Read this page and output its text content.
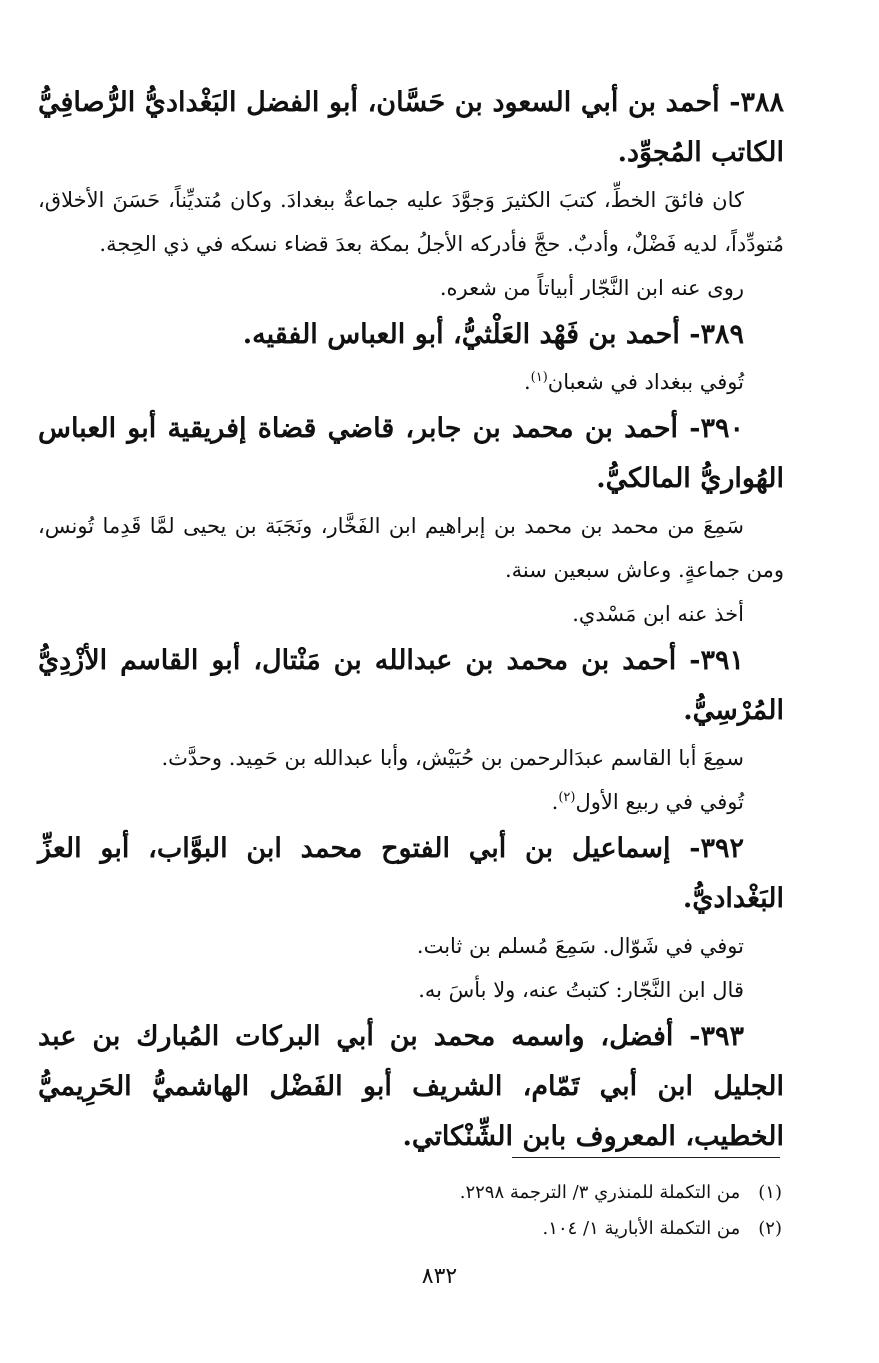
٣٨٨- أحمد بن أبي السعود بن حَسَّان، أبو الفضل البَغْداديُّ الرُّصافِيُّ الكاتب المُجوِّد.

كان فائقَ الخطِّ، كتبَ الكثيرَ وَجوَّدَ عليه جماعةٌ ببغدادَ. وكان مُتديِّناً، حَسَنَ الأخلاق، مُتودِّداً، لديه فَضْلٌ، وأدبٌ. حجَّ فأدركه الأجلُ بمكة بعدَ قضاء نسكه في ذي الحِجة.

روى عنه ابن النَّجّار أبياتاً من شعره.

٣٨٩- أحمد بن فَهْد العَلْثيُّ، أبو العباس الفقيه.

تُوفي ببغداد في شعبان$^{(١)}$.

٣٩٠- أحمد بن محمد بن جابر، قاضي قضاة إفريقية أبو العباس الهُواريُّ المالكيُّ.

سَمِعَ من محمد بن محمد بن إبراهيم ابن الفَخَّار، ونَجَبَة بن يحيى لمَّا قَدِما تُونس، ومن جماعةٍ. وعاش سبعين سنة.

أخذ عنه ابن مَسْدي.

٣٩١- أحمد بن محمد بن عبدالله بن مَنْتال، أبو القاسم الأزْدِيُّ المُرْسِيُّ.

سمِعَ أبا القاسم عبدَالرحمن بن حُبَيْش، وأبا عبدالله بن حَمِيد. وحدَّث.

تُوفي في ربيع الأول$^{(٢)}$.

٣٩٢- إسماعيل بن أبي الفتوح محمد ابن البوَّاب، أبو العزِّ البَغْداديُّ.

توفي في شَوّال. سَمِعَ مُسلم بن ثابت.

قال ابن النَّجّار: كتبتُ عنه، ولا بأسَ به.

٣٩٣- أفضل، واسمه محمد بن أبي البركات المُبارك بن عبد الجليل ابن أبي تَمّام، الشريف أبو الفَضْل الهاشميُّ الحَرِيميُّ الخطيب، المعروف بابن الشِّنْكاتي.

(١)من التكملة للمنذري ٣/ الترجمة ٢٢٩٨.
(٢)من التكملة الأبارية ١/ ١٠٤.
٨٣٢
